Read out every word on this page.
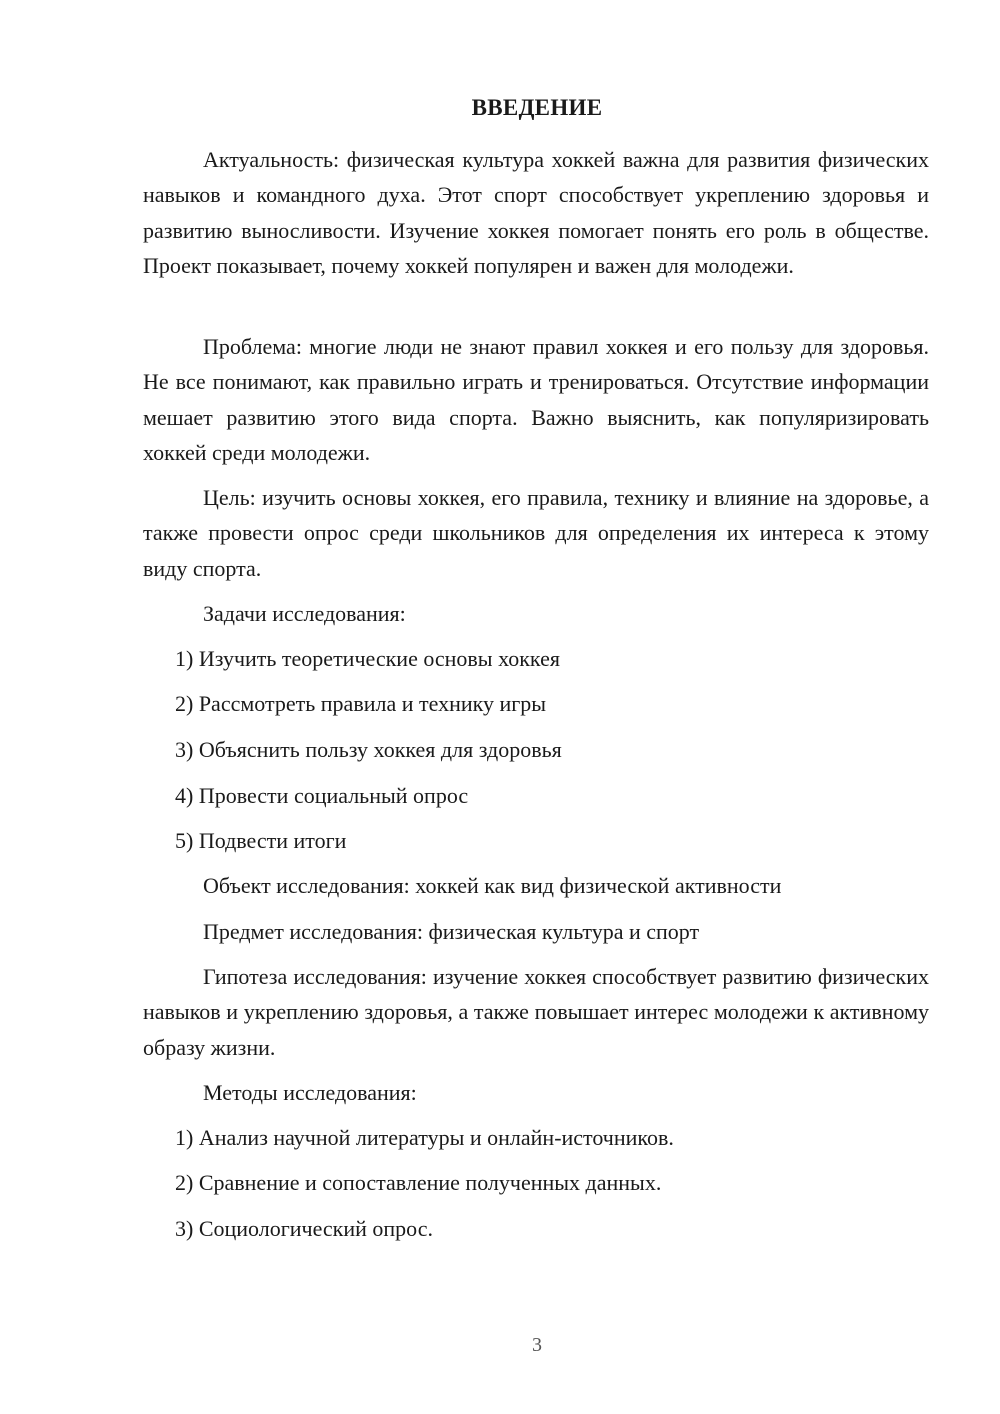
ВВЕДЕНИЕ

Актуальность: физическая культура хоккей важна для развития физических навыков и командного духа. Этот спорт способствует укреплению здоровья и развитию выносливости. Изучение хоккея помогает понять его роль в обществе. Проект показывает, почему хоккей популярен и важен для молодежи.

Проблема: многие люди не знают правил хоккея и его пользу для здоровья. Не все понимают, как правильно играть и тренироваться. Отсутствие информации мешает развитию этого вида спорта. Важно выяснить, как популяризировать хоккей среди молодежи.

Цель: изучить основы хоккея, его правила, технику и влияние на здоровье, а также провести опрос среди школьников для определения их интереса к этому виду спорта.

Задачи исследования:
1) Изучить теоретические основы хоккея
2) Рассмотреть правила и технику игры
3) Объяснить пользу хоккея для здоровья
4) Провести социальный опрос
5) Подвести итоги
Объект исследования: хоккей как вид физической активности
Предмет исследования: физическая культура и спорт

Гипотеза исследования: изучение хоккея способствует развитию физических навыков и укреплению здоровья, а также повышает интерес молодежи к активному образу жизни.

Методы исследования:
1) Анализ научной литературы и онлайн-источников.
2) Сравнение и сопоставление полученных данных.
3) Социологический опрос.
3
